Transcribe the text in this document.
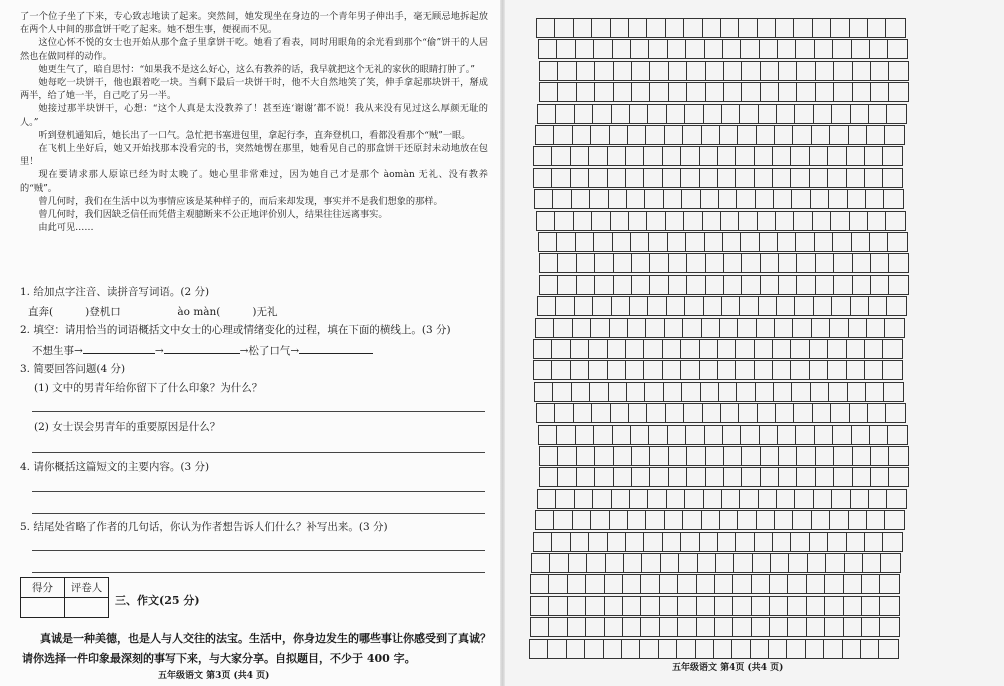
了一个位子坐了下来，专心致志地读了起来。突然间，她发现坐在身边的一个青年男子伸出手，毫无顾忌地拆起放在两个人中间的那盒饼干吃了起来。她不想生事，便视而不见。

这位心怀不悦的女士也开始从那个盒子里拿饼干吃。她看了看表，同时用眼角的余光看到那个“偷”饼干的人居然也在做同样的动作。

她更生气了，暗自思忖：“如果我不是这么好心，这么有教养的话，我早就把这个无礼的家伙的眼睛打肿了。”

她每吃一块饼干，他也跟着吃一块。当剩下最后一块饼干时，他不大自然地笑了笑，伸手拿起那块饼干，掰成两半，给了她一半，自己吃了另一半。

她接过那半块饼干，心想：“这个人真是太没教养了！甚至连‘谢谢’都不说！我从来没有见过这么厚颜无耻的人。”

听到登机通知后，她长出了一口气。急忙把书塞进包里，拿起行李，直奔登机口，看都没看那个“贼”一眼。

在飞机上坐好后，她又开始找那本没看完的书，突然她愣在那里，她看见自己的那盒饼干还原封未动地放在包里！

现在要请求那人原谅已经为时太晚了。她心里非常难过，因为她自己才是那个 àomàn 无礼、没有教养的“贼”。

曾几何时，我们在生活中以为事情应该是某种样子的，而后来却发现，事实并不是我们想象的那样。

曾几何时，我们因缺乏信任而凭借主观臆断来不公正地评价别人，结果往往远离事实。

由此可见……

1. 给加点字注音、读拼音写词语。(2 分)
直奔(	)登机口	ào màn(	)无礼
2. 填空：请用恰当的词语概括文中女士的心理或情绪变化的过程，填在下面的横线上。(3 分)
不想生事→	→	→松了口气→
3. 简要回答问题(4 分)
(1) 文中的男青年给你留下了什么印象？为什么？
(2) 女士误会男青年的重要原因是什么？
4. 请你概括这篇短文的主要内容。(3 分)
5. 结尾处省略了作者的几句话，你认为作者想告诉人们什么？补写出来。(3 分)
得分	评卷人

三、作文(25 分)
真诚是一种美德，也是人与人交往的法宝。生活中，你身边发生的哪些事让你感受到了真诚？
请你选择一件印象最深刻的事写下来，与大家分享。自拟题目，不少于 400 字。
五年级语文 第3页 (共4 页)
五年级语文 第4页 (共4 页)
